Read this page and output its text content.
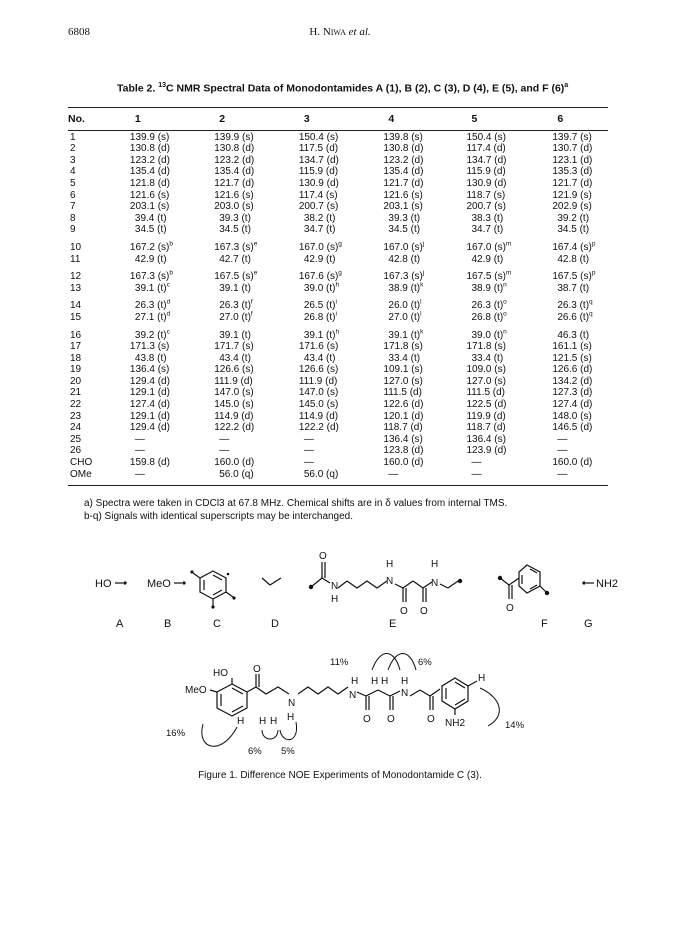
6808	H. Niwa et al.
Table 2. $^{13}$C NMR Spectral Data of Monodontamides A (1), B (2), C (3), D (4), E (5), and F $(6)^a$
No.	1	2	3	4	5	6
1	139.9 (s)	139.9 (s)	150.4 (s)	139.8 (s)	150.4 (s)	139.7 (s)
2	130.8 (d)	130.8 (d)	117.5 (d)	130.8 (d)	117.4 (d)	130.7 (d)
3	123.2 (d)	123.2 (d)	134.7 (d)	123.2 (d)	134.7 (d)	123.1 (d)
4	135.4 (d)	135.4 (d)	115.9 (d)	135.4 (d)	115.9 (d)	135.3 (d)
5	121.8 (d)	121.7 (d)	130.9 (d)	121.7 (d)	130.9 (d)	121.7 (d)
6	121.6 (s)	121.6 (s)	117.4 (s)	121.6 (s)	118.7 (s)	121.9 (s)
7	203.1 (s)	203.0 (s)	200.7 (s)	203.1 (s)	200.7 (s)	202.9 (s)
8	39.4 (t)	39.3 (t)	38.2 (t)	39.3 (t)	38.3 (t)	39.2 (t)
9	34.5 (t)	34.5 (t)	34.7 (t)	34.5 (t)	34.7 (t)	34.5 (t)
10	167.2 $(s)^b$	167.3 $(s)^e$	167.0 $(s)^g$	167.0 $(s)^j$	167.0 $(s)^m$	167.4 $(s)^p$
11	42.9 (t)	42.7 (t)	42.9 (t)	42.8 (t)	42.9 (t)	42.8 (t)
12	167.3 $(s)^b$	167.5 $(s)^e$	167.6 $(s)^g$	167.3 $(s)^j$	167.5 $(s)^m$	167.5 $(s)^p$
13	39.1 $(t)^c$	39.1 (t)	39.0 $(t)^h$	38.9 $(t)^k$	38.9 $(t)^n$	38.7 (t)
14	26.3 $(t)^d$	26.3 $(t)^f$	26.5 $(t)^i$	26.0 $(t)^l$	26.3 $(t)^o$	26.3 $(t)^q$
15	27.1 $(t)^d$	27.0 $(t)^f$	26.8 $(t)^i$	27.0 $(t)^l$	26.8 $(t)^o$	26.6 $(t)^q$
16	39.2 $(t)^c$	39.1 (t)	39.1 $(t)^h$	39.1 $(t)^k$	39.0 $(t)^n$	46.3 (t)
17	171.3 (s)	171.7 (s)	171.6 (s)	171.8 (s)	171.8 (s)	161.1 (s)
18	43.8 (t)	43.4 (t)	43.4 (t)	33.4 (t)	33.4 (t)	121.5 (s)
19	136.4 (s)	126.6 (s)	126.6 (s)	109.1 (s)	109.0 (s)	126.6 (d)
20	129.4 (d)	111.9 (d)	111.9 (d)	127.0 (s)	127.0 (s)	134.2 (d)
21	129.1 (d)	147.0 (s)	147.0 (s)	111.5 (d)	111.5 (d)	127.3 (d)
22	127.4 (d)	145.0 (s)	145.0 (s)	122.6 (d)	122.5 (d)	127.4 (d)
23	129.1 (d)	114.9 (d)	114.9 (d)	120.1 (d)	119.9 (d)	148.0 (s)
24	129.4 (d)	122.2 (d)	122.2 (d)	118.7 (d)	118.7 (d)	146.5 (d)
25	—	—	—	136.4 (s)	136.4 (s)	—
26	—	—	—	123.8 (d)	123.9 (d)	—
CHO	159.8 (d)	160.0 (d)	—	160.0 (d)	—	160.0 (d)
OMe	—	56.0 (q)	56.0 (q)	—	—	—
a) Spectra were taken in CDCl3 at 67.8 MHz. Chemical shifts are in δ values from internal TMS.
b-q) Signals with identical superscripts may be interchanged.
HO	MeO
O
N
H
N
H
O O
N
H
O
NH2
A	B	C	D	E	F	G
HO
MeO
H H H H
N
O
N
H H H H
N
O O	O NH2
H
11%	6%
16%
6% 5%
14%
Figure 1. Difference NOE Experiments of Monodontamide C (3).
